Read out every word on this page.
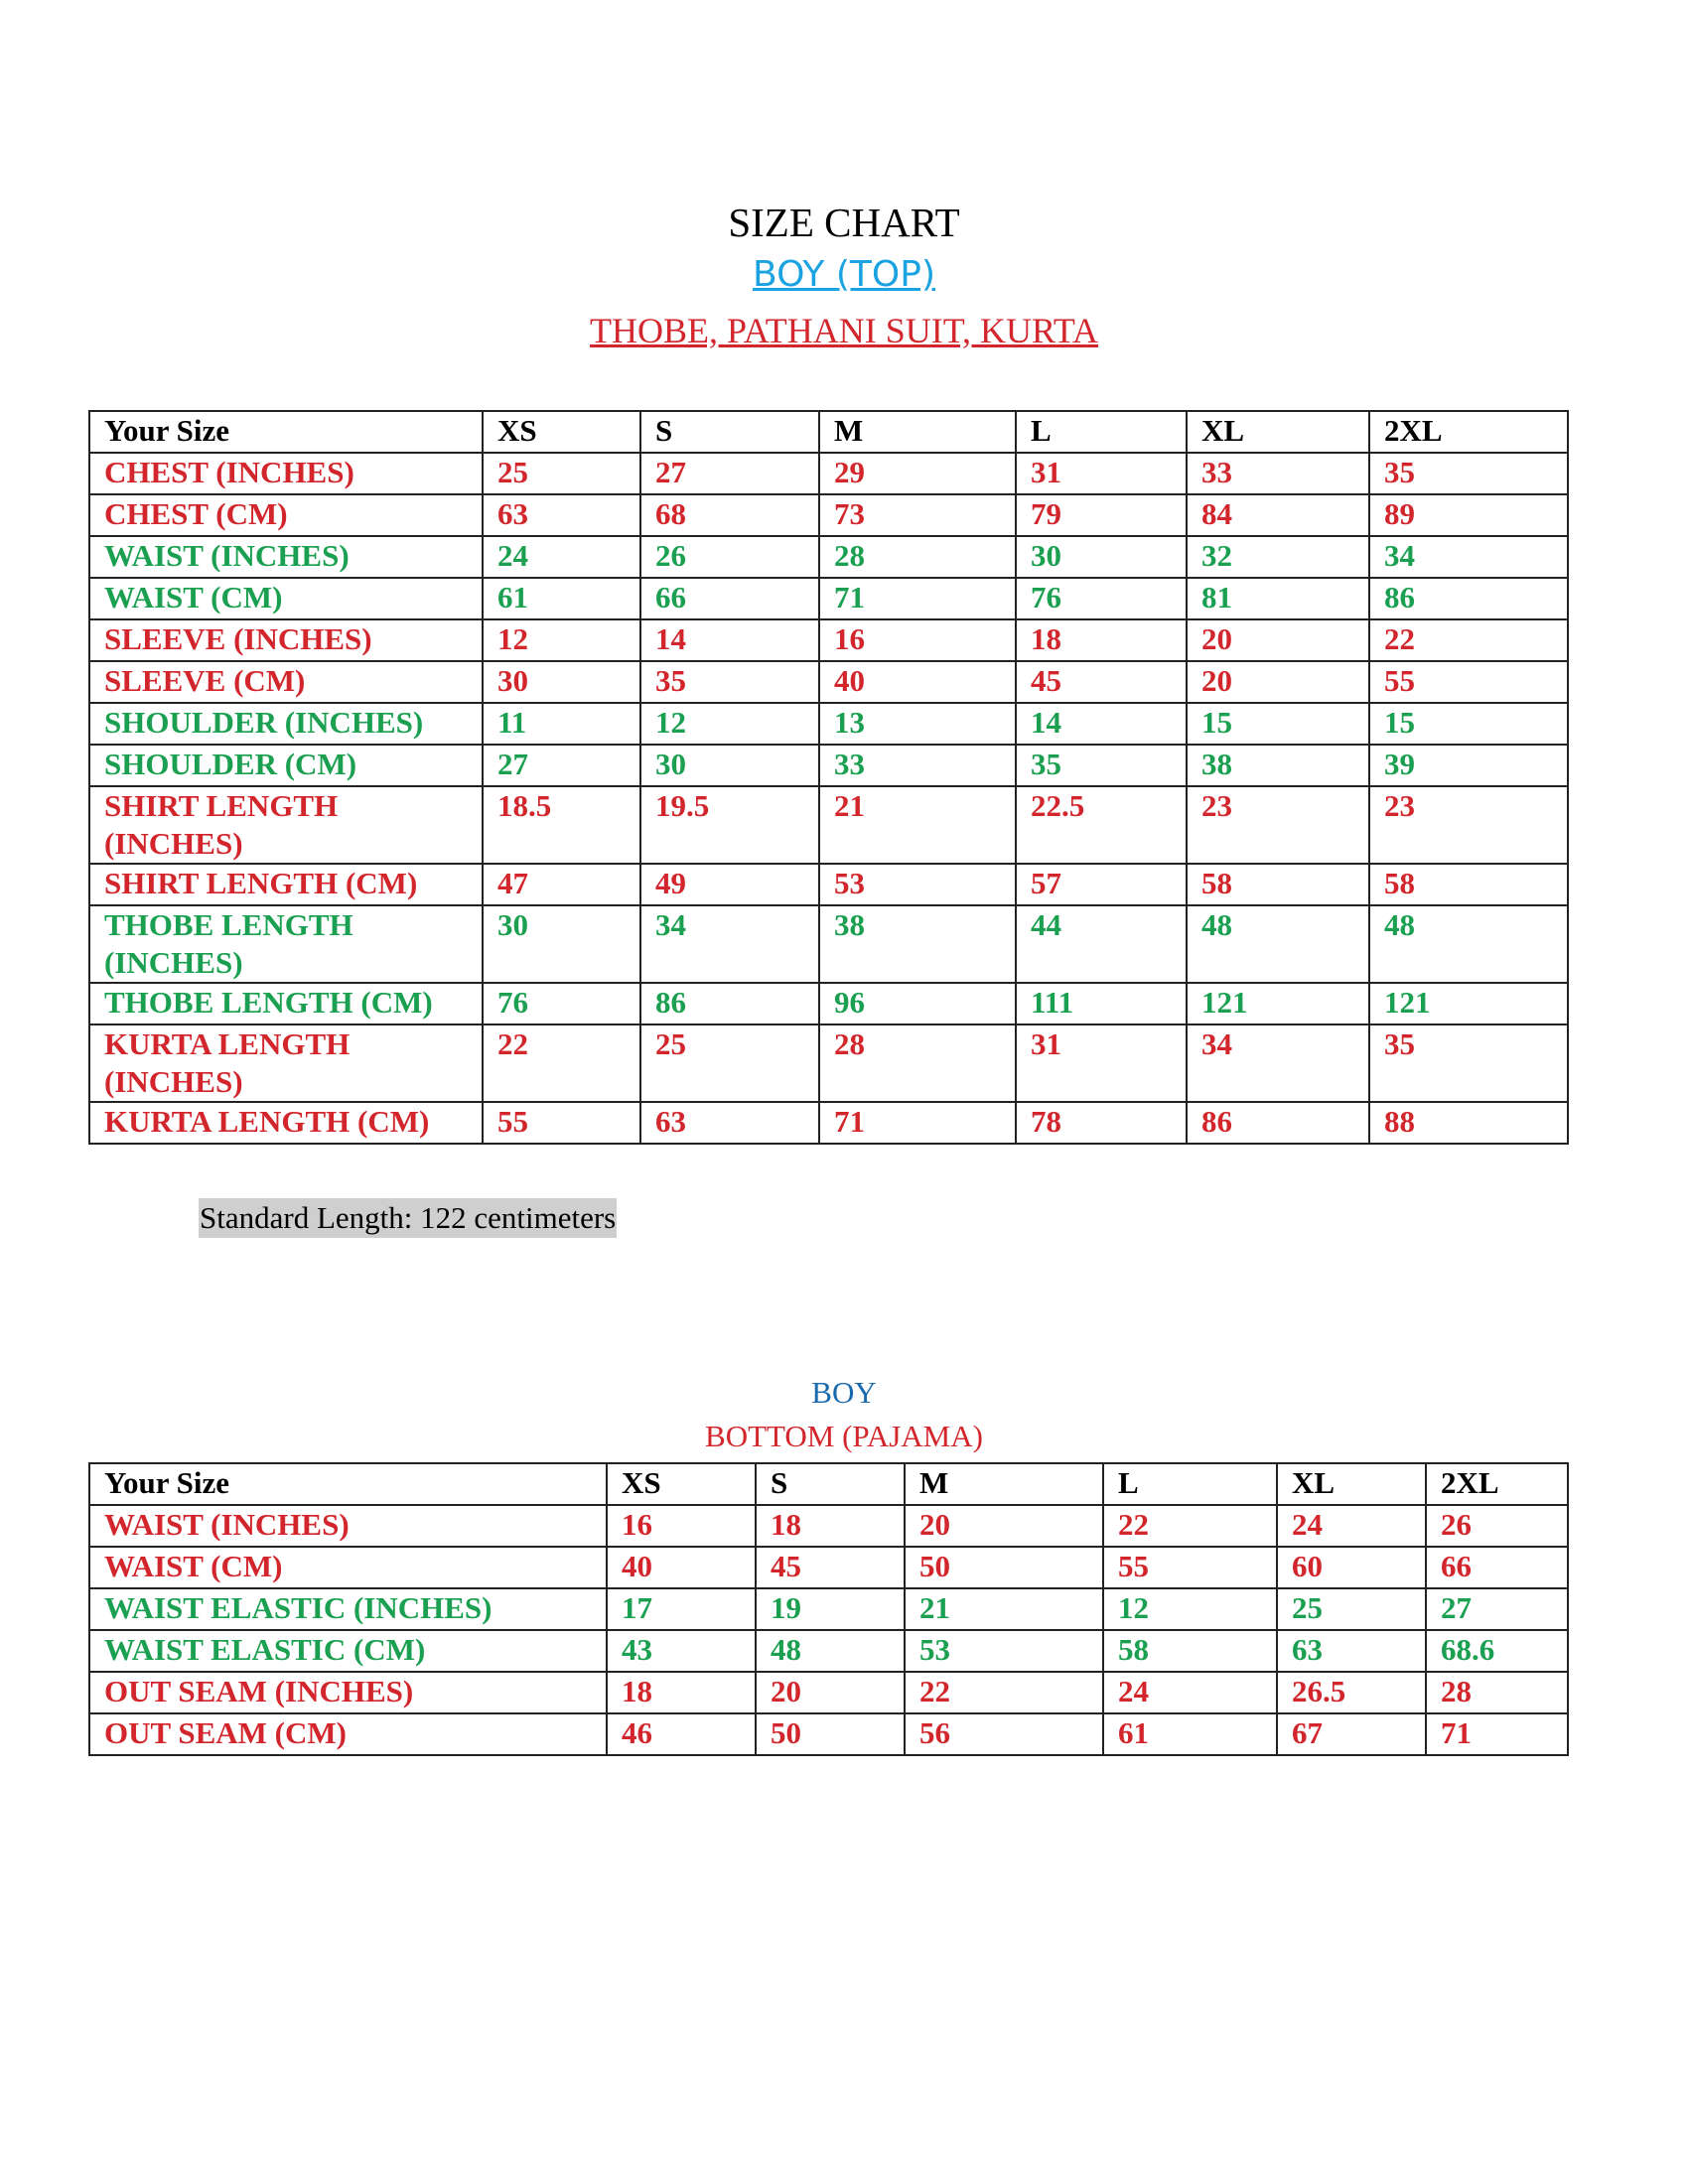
SIZE CHART
BOY (TOP)
THOBE, PATHANI SUIT, KURTA
Your Size	XS	S	M	L	XL	2XL
CHEST (INCHES)	25	27	29	31	33	35
CHEST (CM)	63	68	73	79	84	89
WAIST (INCHES)	24	26	28	30	32	34
WAIST (CM)	61	66	71	76	81	86
SLEEVE (INCHES)	12	14	16	18	20	22
SLEEVE (CM)	30	35	40	45	20	55
SHOULDER (INCHES)	11	12	13	14	15	15
SHOULDER (CM)	27	30	33	35	38	39
SHIRT LENGTH (INCHES)	18.5	19.5	21	22.5	23	23
SHIRT LENGTH (CM)	47	49	53	57	58	58
THOBE LENGTH (INCHES)	30	34	38	44	48	48
THOBE LENGTH (CM)	76	86	96	111	121	121
KURTA LENGTH (INCHES)	22	25	28	31	34	35
KURTA LENGTH (CM)	55	63	71	78	86	88
Standard Length: 122 centimeters
BOY
BOTTOM (PAJAMA)
Your Size	XS	S	M	L	XL	2XL
WAIST (INCHES)	16	18	20	22	24	26
WAIST (CM)	40	45	50	55	60	66
WAIST ELASTIC (INCHES)	17	19	21	12	25	27
WAIST ELASTIC (CM)	43	48	53	58	63	68.6
OUT SEAM (INCHES)	18	20	22	24	26.5	28
OUT SEAM (CM)	46	50	56	61	67	71
